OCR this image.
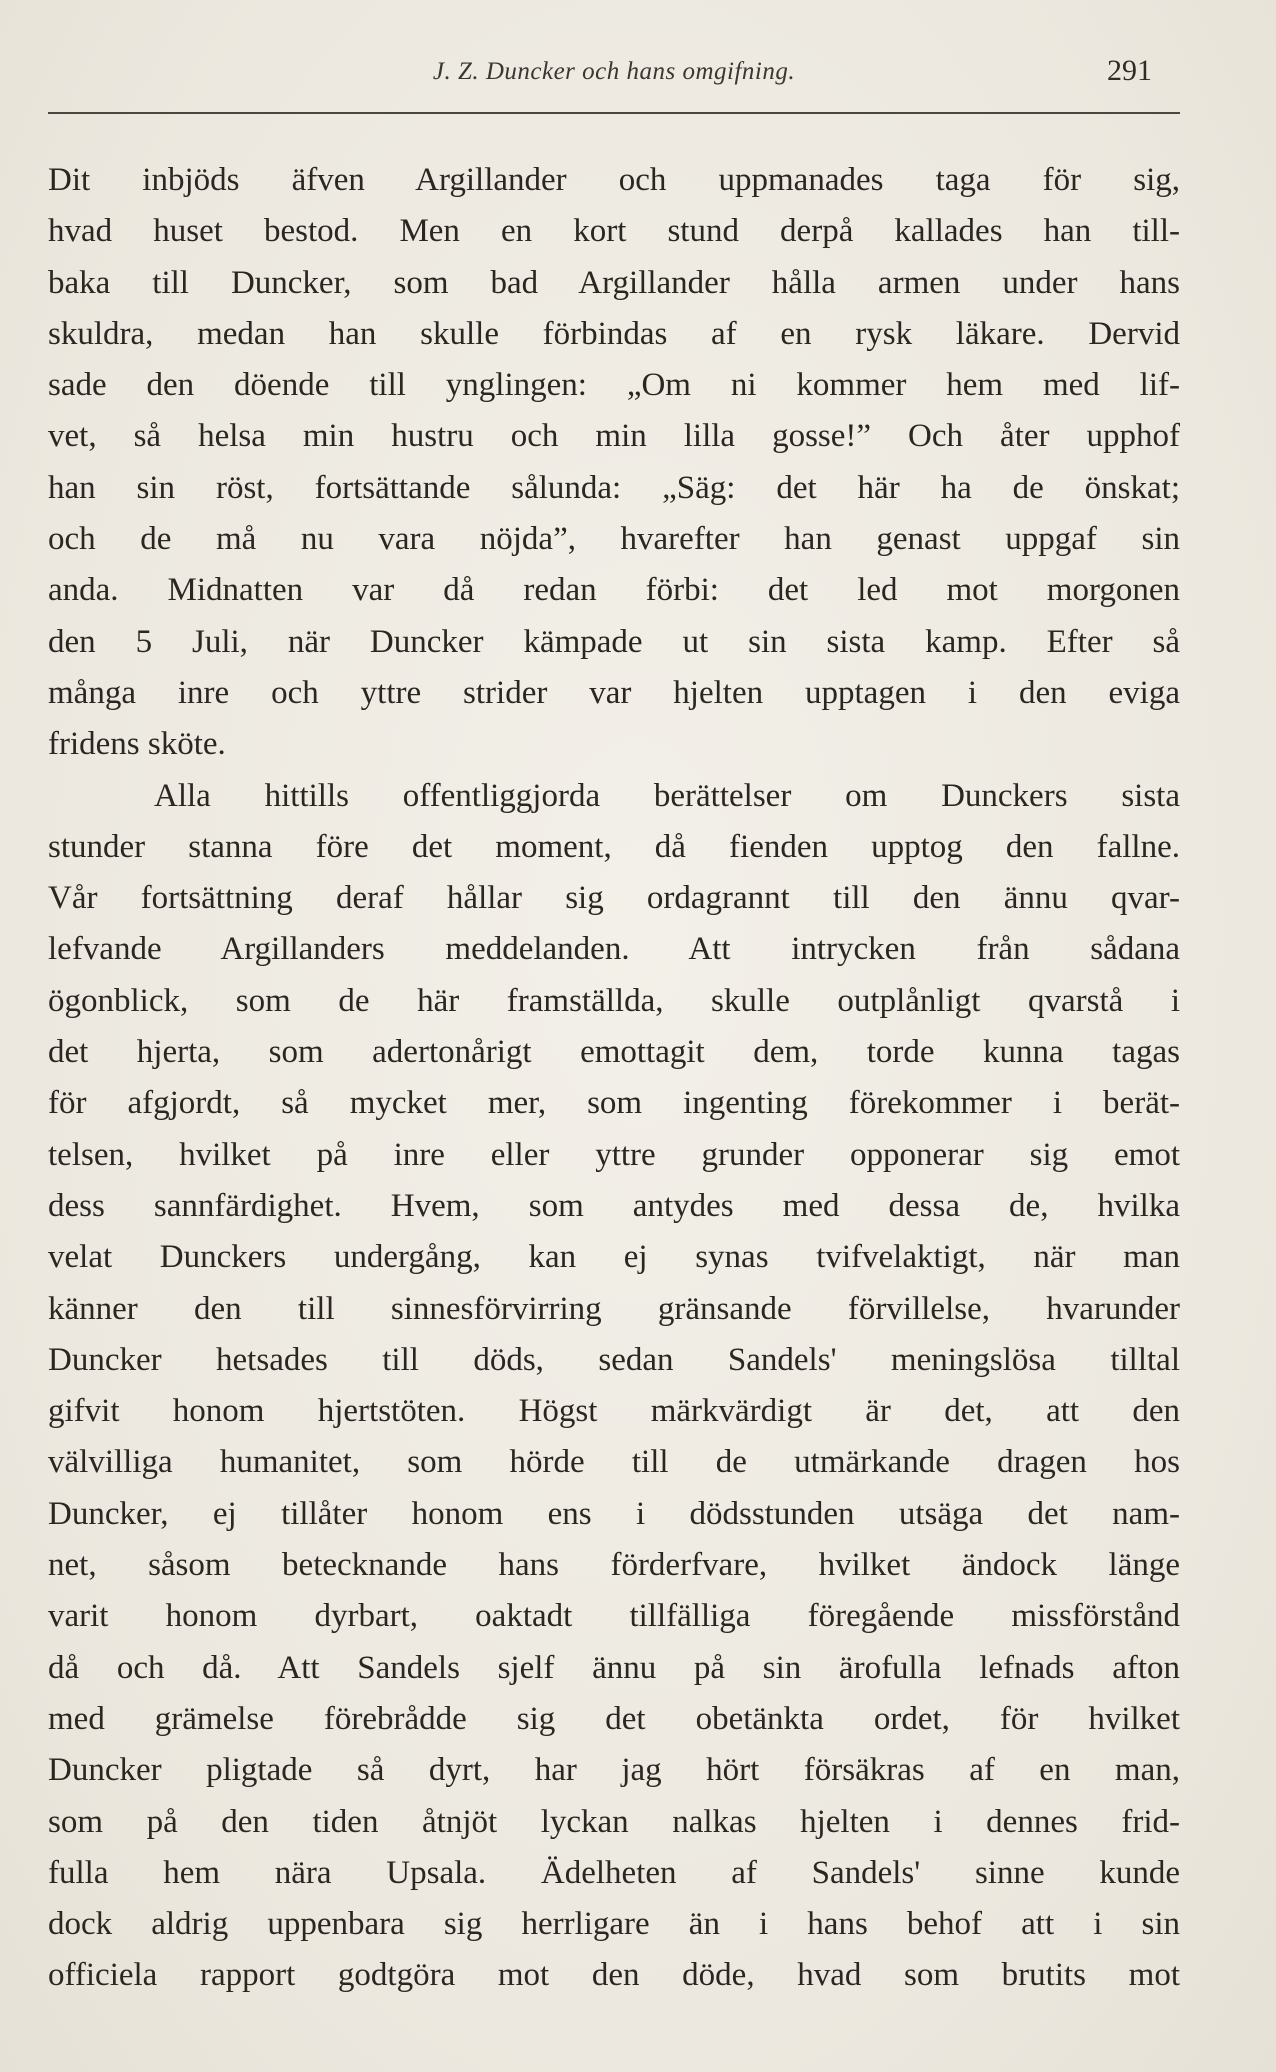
J. Z. Duncker och hans omgifning.	291
Dit inbjöds äfven Argillander och uppmanades taga för sig,
hvad huset bestod. Men en kort stund derpå kallades han till-
baka till Duncker, som bad Argillander hålla armen under hans
skuldra, medan han skulle förbindas af en rysk läkare. Dervid
sade den döende till ynglingen: „Om ni kommer hem med lif-
vet, så helsa min hustru och min lilla gosse!” Och åter upphof
han sin röst, fortsättande sålunda: „Säg: det här ha de önskat;
och de må nu vara nöjda”, hvarefter han genast uppgaf sin
anda. Midnatten var då redan förbi: det led mot morgonen
den 5 Juli, när Duncker kämpade ut sin sista kamp. Efter så
många inre och yttre strider var hjelten upptagen i den eviga
fridens sköte.
Alla hittills offentliggjorda berättelser om Dunckers sista
stunder stanna före det moment, då fienden upptog den fallne.
Vår fortsättning deraf hållar sig ordagrannt till den ännu qvar-
lefvande Argillanders meddelanden. Att intrycken från sådana
ögonblick, som de här framställda, skulle outplånligt qvarstå i
det hjerta, som adertonårigt emottagit dem, torde kunna tagas
för afgjordt, så mycket mer, som ingenting förekommer i berät-
telsen, hvilket på inre eller yttre grunder opponerar sig emot
dess sannfärdighet. Hvem, som antydes med dessa de, hvilka
velat Dunckers undergång, kan ej synas tvifvelaktigt, när man
känner den till sinnesförvirring gränsande förvillelse, hvarunder
Duncker hetsades till döds, sedan Sandels' meningslösa tilltal
gifvit honom hjertstöten. Högst märkvärdigt är det, att den
välvilliga humanitet, som hörde till de utmärkande dragen hos
Duncker, ej tillåter honom ens i dödsstunden utsäga det nam-
net, såsom betecknande hans förderfvare, hvilket ändock länge
varit honom dyrbart, oaktadt tillfälliga föregående missförstånd
då och då. Att Sandels sjelf ännu på sin ärofulla lefnads afton
med grämelse förebrådde sig det obetänkta ordet, för hvilket
Duncker pligtade så dyrt, har jag hört försäkras af en man,
som på den tiden åtnjöt lyckan nalkas hjelten i dennes frid-
fulla hem nära Upsala. Ädelheten af Sandels' sinne kunde
dock aldrig uppenbara sig herrligare än i hans behof att i sin
officiela rapport godtgöra mot den döde, hvad som brutits mot
